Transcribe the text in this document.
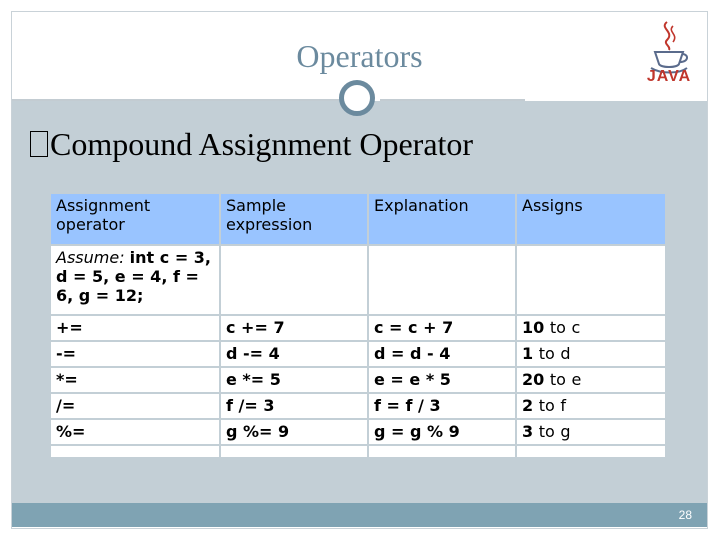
Operators
JAVA
Compound Assignment Operator
Assignment operator	Sample expression	Explanation	Assigns
Assume: int c = 3, d = 5, e = 4, f = 6, g = 12;			
+=	c += 7	c = c + 7	10 to c
-=	d -= 4	d = d - 4	1 to d
*=	e *= 5	e = e * 5	20 to e
/=	f /= 3	f = f / 3	2 to f
%=	g %= 9	g = g % 9	3 to g

28
